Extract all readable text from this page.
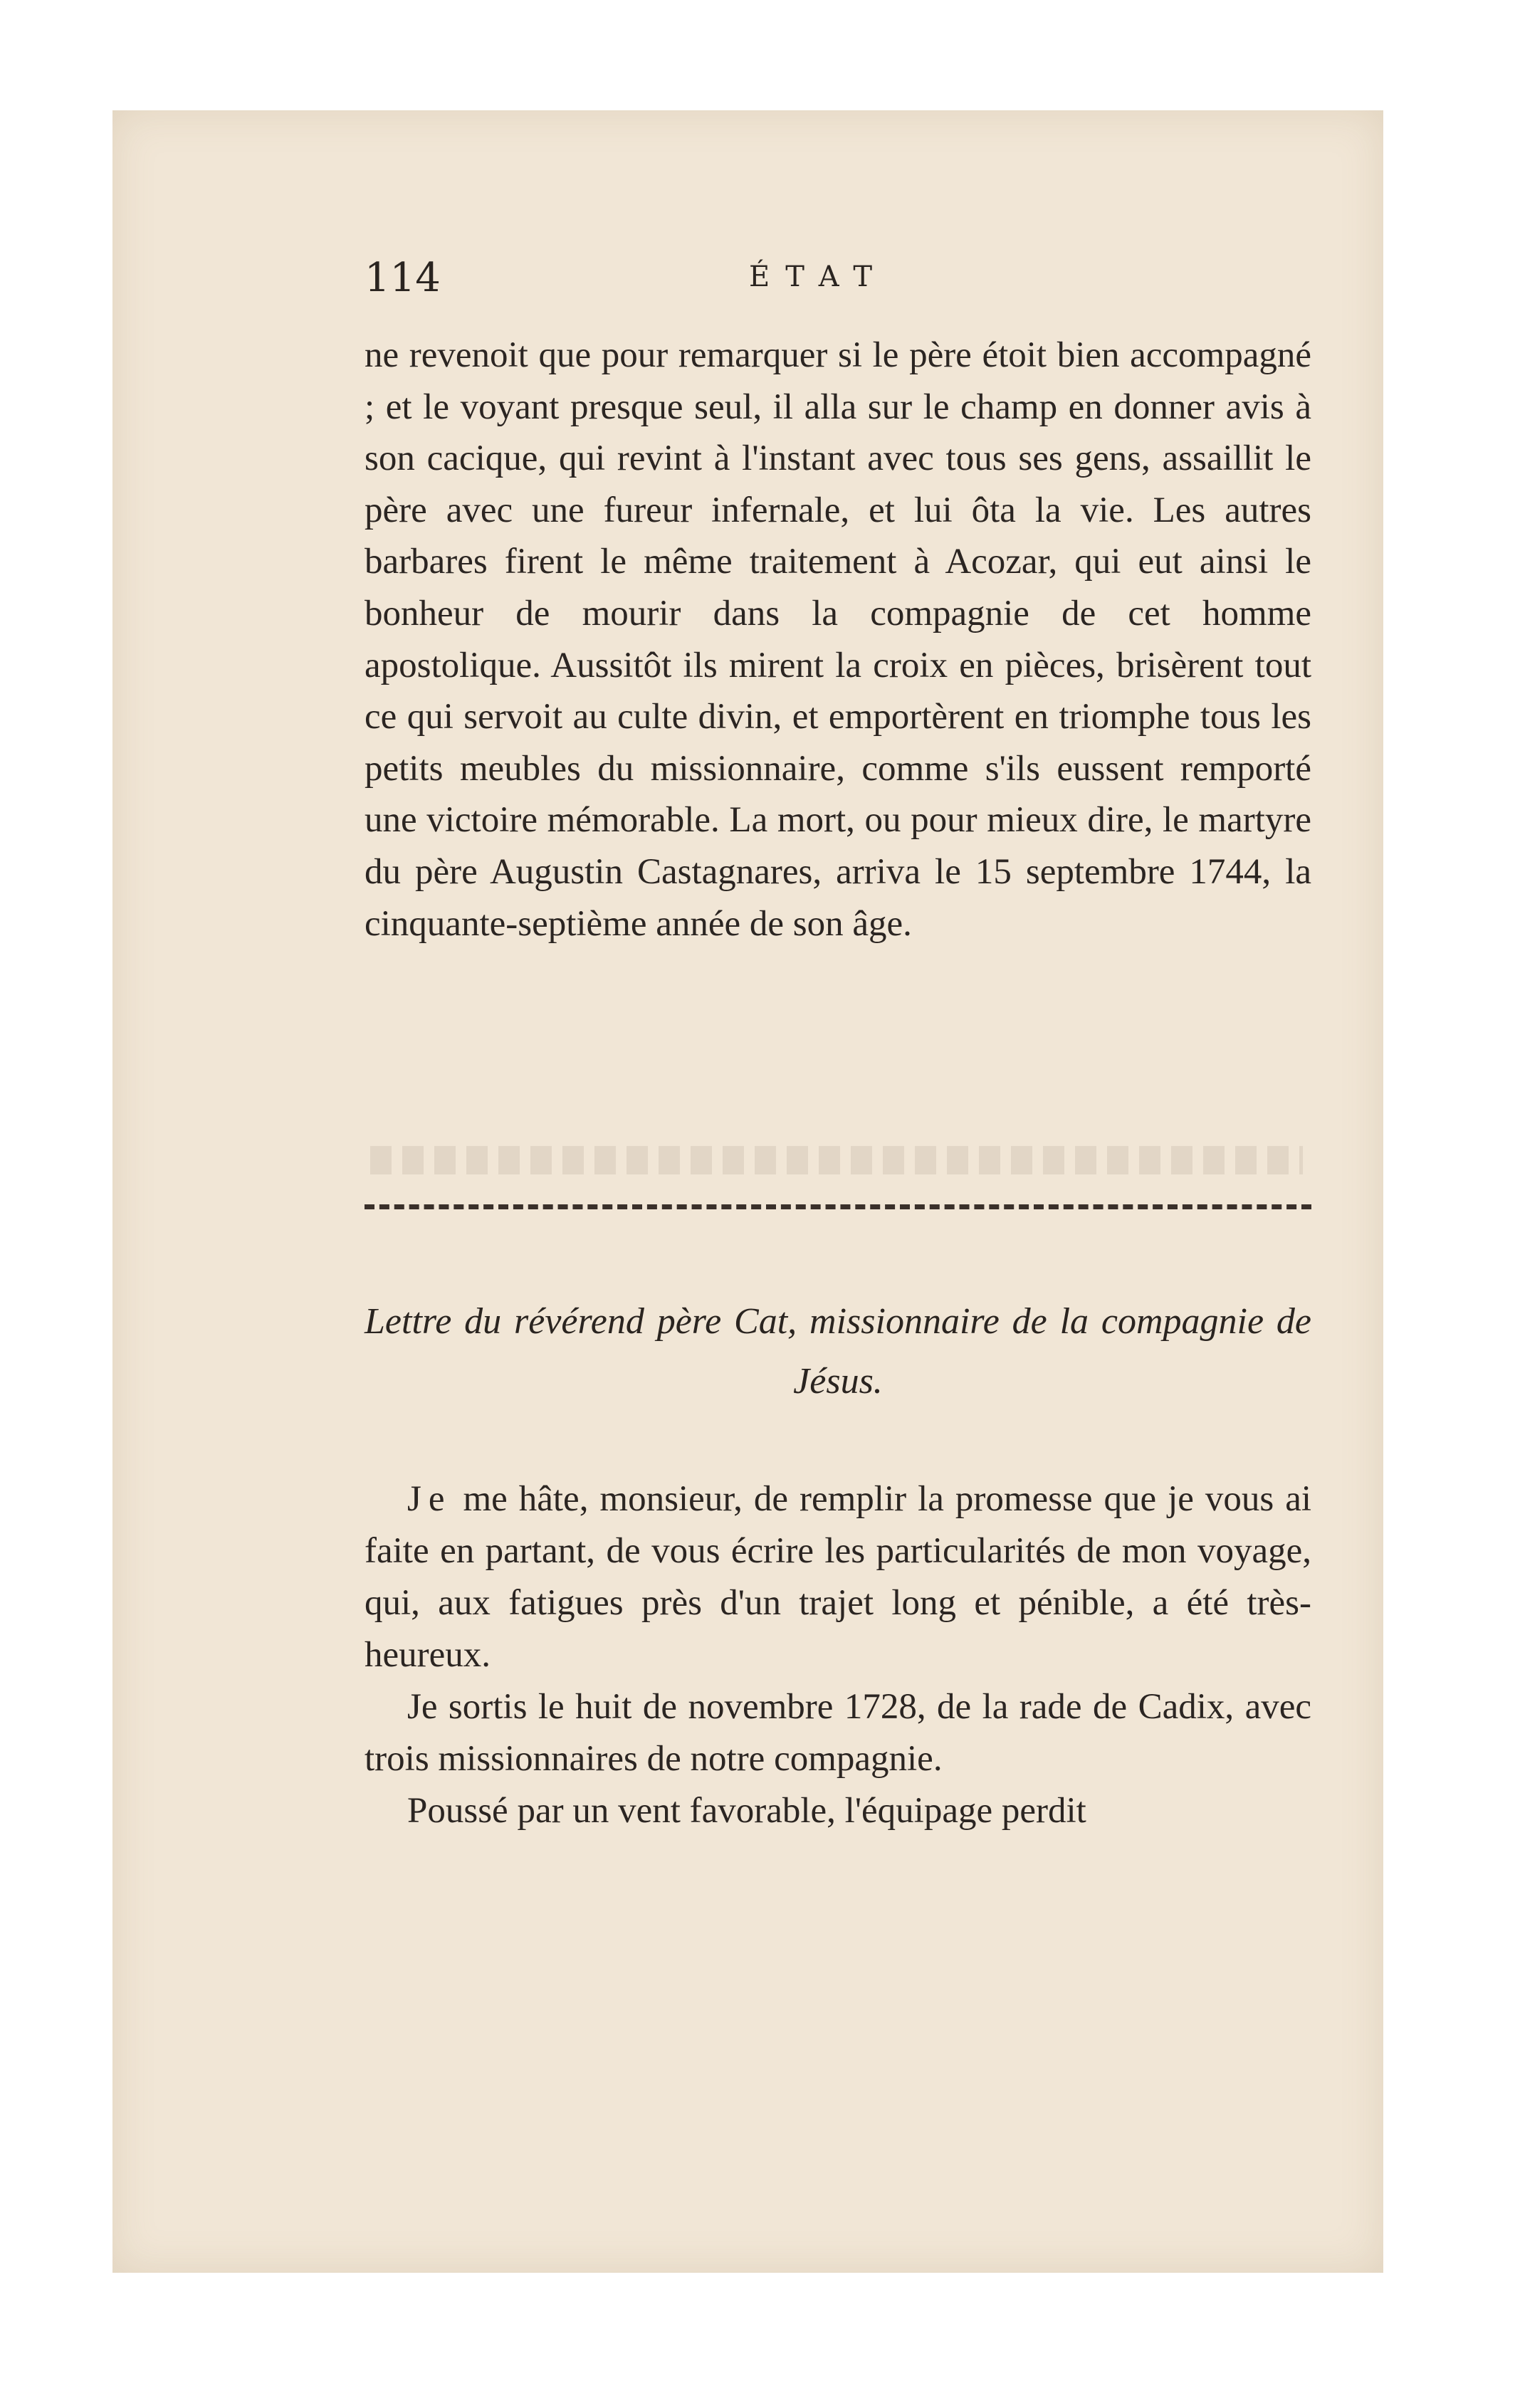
114	ÉTAT
ne revenoit que pour remarquer si le père étoit bien accompagné ; et le voyant presque seul, il alla sur le champ en donner avis à son cacique, qui revint à l'instant avec tous ses gens, assaillit le père avec une fureur infernale, et lui ôta la vie. Les autres barbares firent le même traitement à Acozar, qui eut ainsi le bonheur de mourir dans la compagnie de cet homme apostolique. Aussitôt ils mirent la croix en pièces, brisèrent tout ce qui servoit au culte divin, et emportèrent en triomphe tous les petits meubles du missionnaire, comme s'ils eussent remporté une victoire mémorable. La mort, ou pour mieux dire, le martyre du père Augustin Castagnares, arriva le 15 septembre 1744, la cinquante-septième année de son âge.
Lettre du révérend père Cat, missionnaire de la compagnie de Jésus.

Je me hâte, monsieur, de remplir la promesse que je vous ai faite en partant, de vous écrire les particularités de mon voyage, qui, aux fatigues près d'un trajet long et pénible, a été très-heureux.

Je sortis le huit de novembre 1728, de la rade de Cadix, avec trois missionnaires de notre compagnie.

Poussé par un vent favorable, l'équipage perdit
